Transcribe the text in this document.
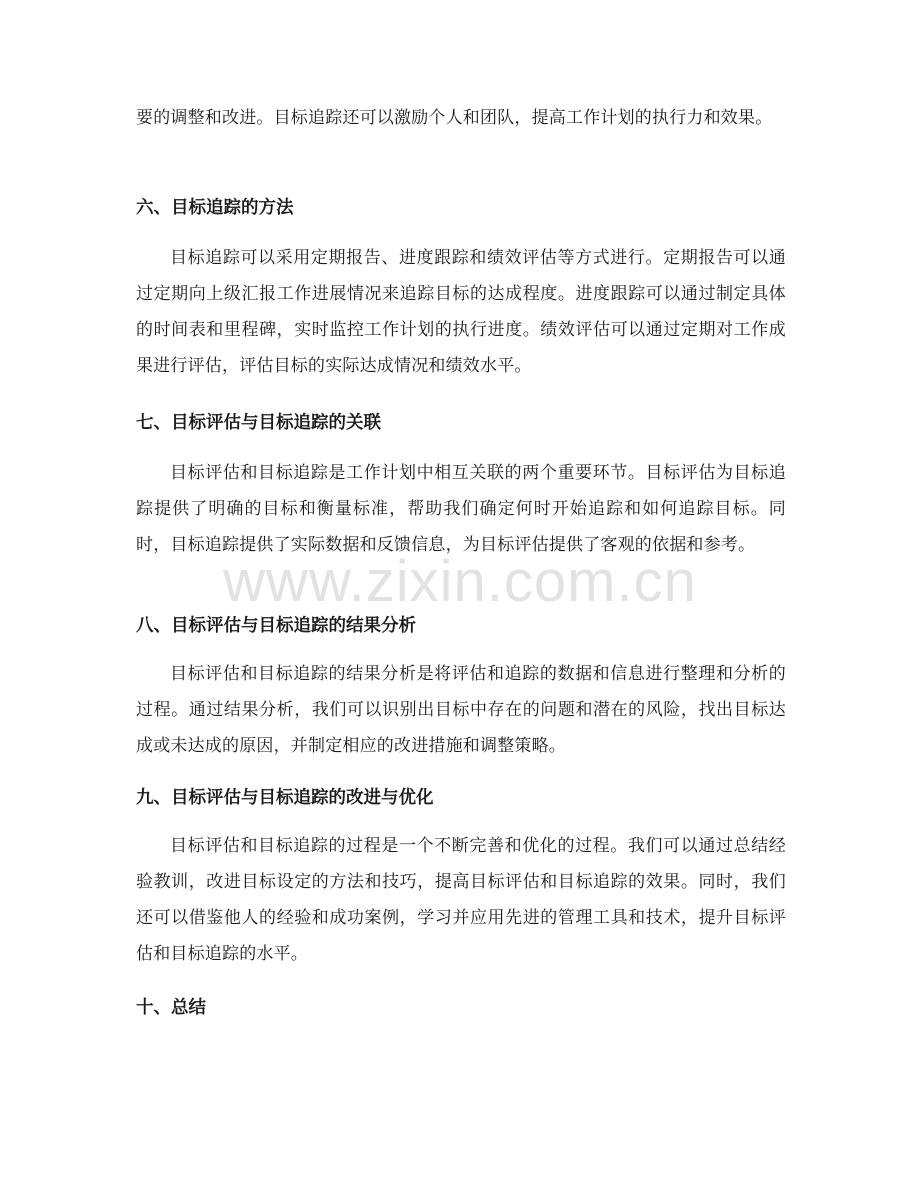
要的调整和改进。目标追踪还可以激励个人和团队，提高工作计划的执行力和效果。

六、目标追踪的方法

目标追踪可以采用定期报告、进度跟踪和绩效评估等方式进行。定期报告可以通过定期向上级汇报工作进展情况来追踪目标的达成程度。进度跟踪可以通过制定具体的时间表和里程碑，实时监控工作计划的执行进度。绩效评估可以通过定期对工作成果进行评估，评估目标的实际达成情况和绩效水平。

七、目标评估与目标追踪的关联

目标评估和目标追踪是工作计划中相互关联的两个重要环节。目标评估为目标追踪提供了明确的目标和衡量标准，帮助我们确定何时开始追踪和如何追踪目标。同时，目标追踪提供了实际数据和反馈信息，为目标评估提供了客观的依据和参考。

八、目标评估与目标追踪的结果分析

目标评估和目标追踪的结果分析是将评估和追踪的数据和信息进行整理和分析的过程。通过结果分析，我们可以识别出目标中存在的问题和潜在的风险，找出目标达成或未达成的原因，并制定相应的改进措施和调整策略。

九、目标评估与目标追踪的改进与优化

目标评估和目标追踪的过程是一个不断完善和优化的过程。我们可以通过总结经验教训，改进目标设定的方法和技巧，提高目标评估和目标追踪的效果。同时，我们还可以借鉴他人的经验和成功案例，学习并应用先进的管理工具和技术，提升目标评估和目标追踪的水平。

十、总结
www.zixin.com.cn
